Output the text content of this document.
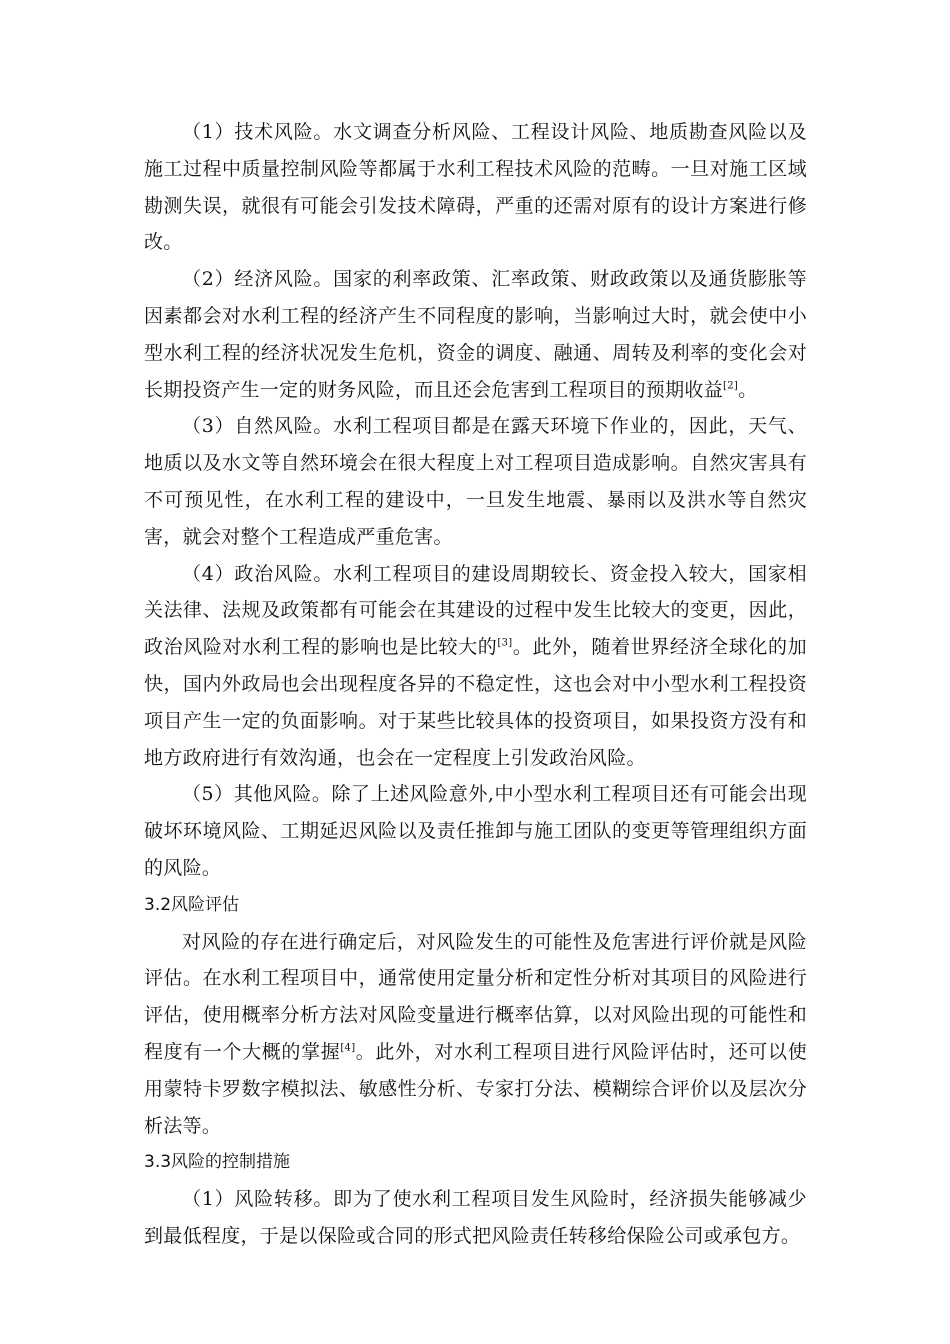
（1）技术风险。水文调查分析风险、工程设计风险、地质勘查风险以及施工过程中质量控制风险等都属于水利工程技术风险的范畴。一旦对施工区域勘测失误，就很有可能会引发技术障碍，严重的还需对原有的设计方案进行修改。

（2）经济风险。国家的利率政策、汇率政策、财政政策以及通货膨胀等因素都会对水利工程的经济产生不同程度的影响，当影响过大时，就会使中小型水利工程的经济状况发生危机，资金的调度、融通、周转及利率的变化会对长期投资产生一定的财务风险，而且还会危害到工程项目的预期收益[2]。

（3）自然风险。水利工程项目都是在露天环境下作业的，因此，天气、地质以及水文等自然环境会在很大程度上对工程项目造成影响。自然灾害具有不可预见性，在水利工程的建设中，一旦发生地震、暴雨以及洪水等自然灾害，就会对整个工程造成严重危害。

（4）政治风险。水利工程项目的建设周期较长、资金投入较大，国家相关法律、法规及政策都有可能会在其建设的过程中发生比较大的变更，因此，政治风险对水利工程的影响也是比较大的[3]。此外，随着世界经济全球化的加快，国内外政局也会出现程度各异的不稳定性，这也会对中小型水利工程投资项目产生一定的负面影响。对于某些比较具体的投资项目，如果投资方没有和地方政府进行有效沟通，也会在一定程度上引发政治风险。

（5）其他风险。除了上述风险意外,中小型水利工程项目还有可能会出现破坏环境风险、工期延迟风险以及责任推卸与施工团队的变更等管理组织方面的风险。

3.2风险评估

对风险的存在进行确定后，对风险发生的可能性及危害进行评价就是风险评估。在水利工程项目中，通常使用定量分析和定性分析对其项目的风险进行评估，使用概率分析方法对风险变量进行概率估算，以对风险出现的可能性和程度有一个大概的掌握[4]。此外，对水利工程项目进行风险评估时，还可以使用蒙特卡罗数字模拟法、敏感性分析、专家打分法、模糊综合评价以及层次分析法等。

3.3风险的控制措施

（1）风险转移。即为了使水利工程项目发生风险时，经济损失能够减少到最低程度，于是以保险或合同的形式把风险责任转移给保险公司或承包方。
